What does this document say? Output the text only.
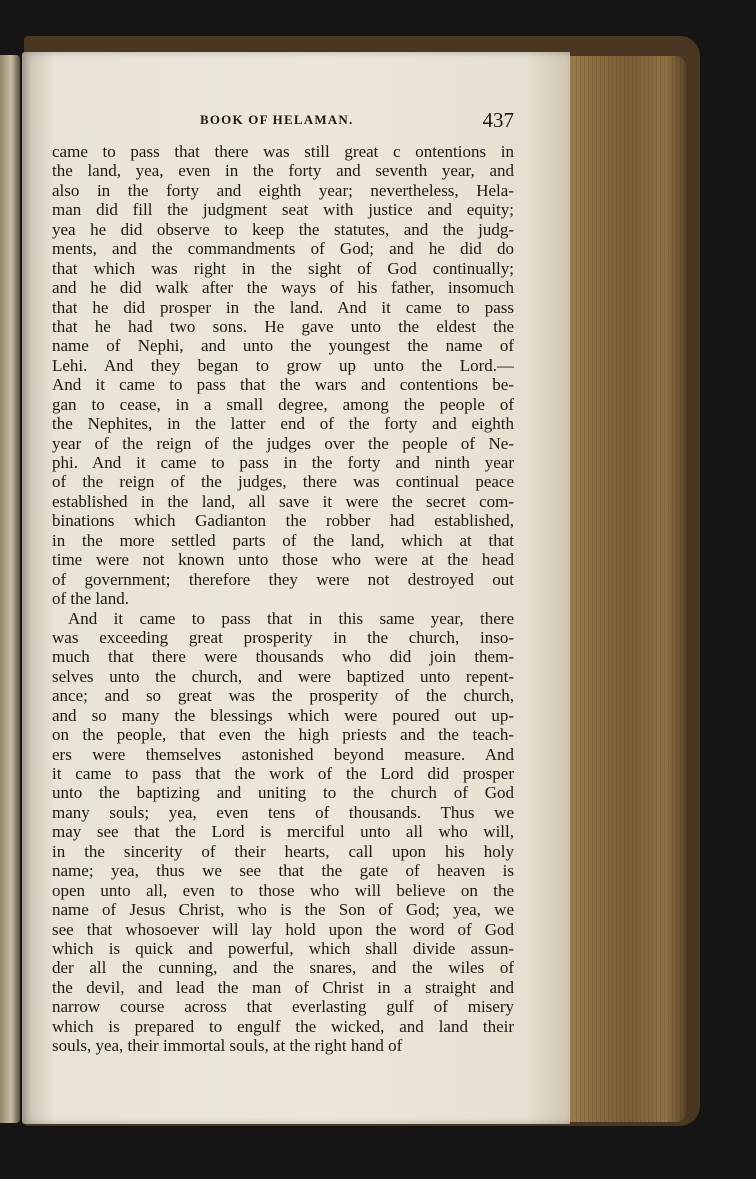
BOOK OF HELAMAN.	437
came to pass that there was still great c ontentions in
the land, yea, even in the forty and seventh year, and
also in the forty and eighth year; nevertheless, Hela-
man did fill the judgment seat with justice and equity;
yea he did observe to keep the statutes, and the judg-
ments, and the commandments of God; and he did do
that which was right in the sight of God continually;
and he did walk after the ways of his father, insomuch
that he did prosper in the land. And it came to pass
that he had two sons. He gave unto the eldest the
name of Nephi, and unto the youngest the name of
Lehi. And they began to grow up unto the Lord.—
And it came to pass that the wars and contentions be-
gan to cease, in a small degree, among the people of
the Nephites, in the latter end of the forty and eighth
year of the reign of the judges over the people of Ne-
phi. And it came to pass in the forty and ninth year
of the reign of the judges, there was continual peace
established in the land, all save it were the secret com-
binations which Gadianton the robber had established,
in the more settled parts of the land, which at that
time were not known unto those who were at the head
of government; therefore they were not destroyed out
of the land.
And it came to pass that in this same year, there
was exceeding great prosperity in the church, inso-
much that there were thousands who did join them-
selves unto the church, and were baptized unto repent-
ance; and so great was the prosperity of the church,
and so many the blessings which were poured out up-
on the people, that even the high priests and the teach-
ers were themselves astonished beyond measure. And
it came to pass that the work of the Lord did prosper
unto the baptizing and uniting to the church of God
many souls; yea, even tens of thousands. Thus we
may see that the Lord is merciful unto all who will,
in the sincerity of their hearts, call upon his holy
name; yea, thus we see that the gate of heaven is
open unto all, even to those who will believe on the
name of Jesus Christ, who is the Son of God; yea, we
see that whosoever will lay hold upon the word of God
which is quick and powerful, which shall divide assun-
der all the cunning, and the snares, and the wiles of
the devil, and lead the man of Christ in a straight and
narrow course across that everlasting gulf of misery
which is prepared to engulf the wicked, and land their
souls, yea, their immortal souls, at the right hand of
